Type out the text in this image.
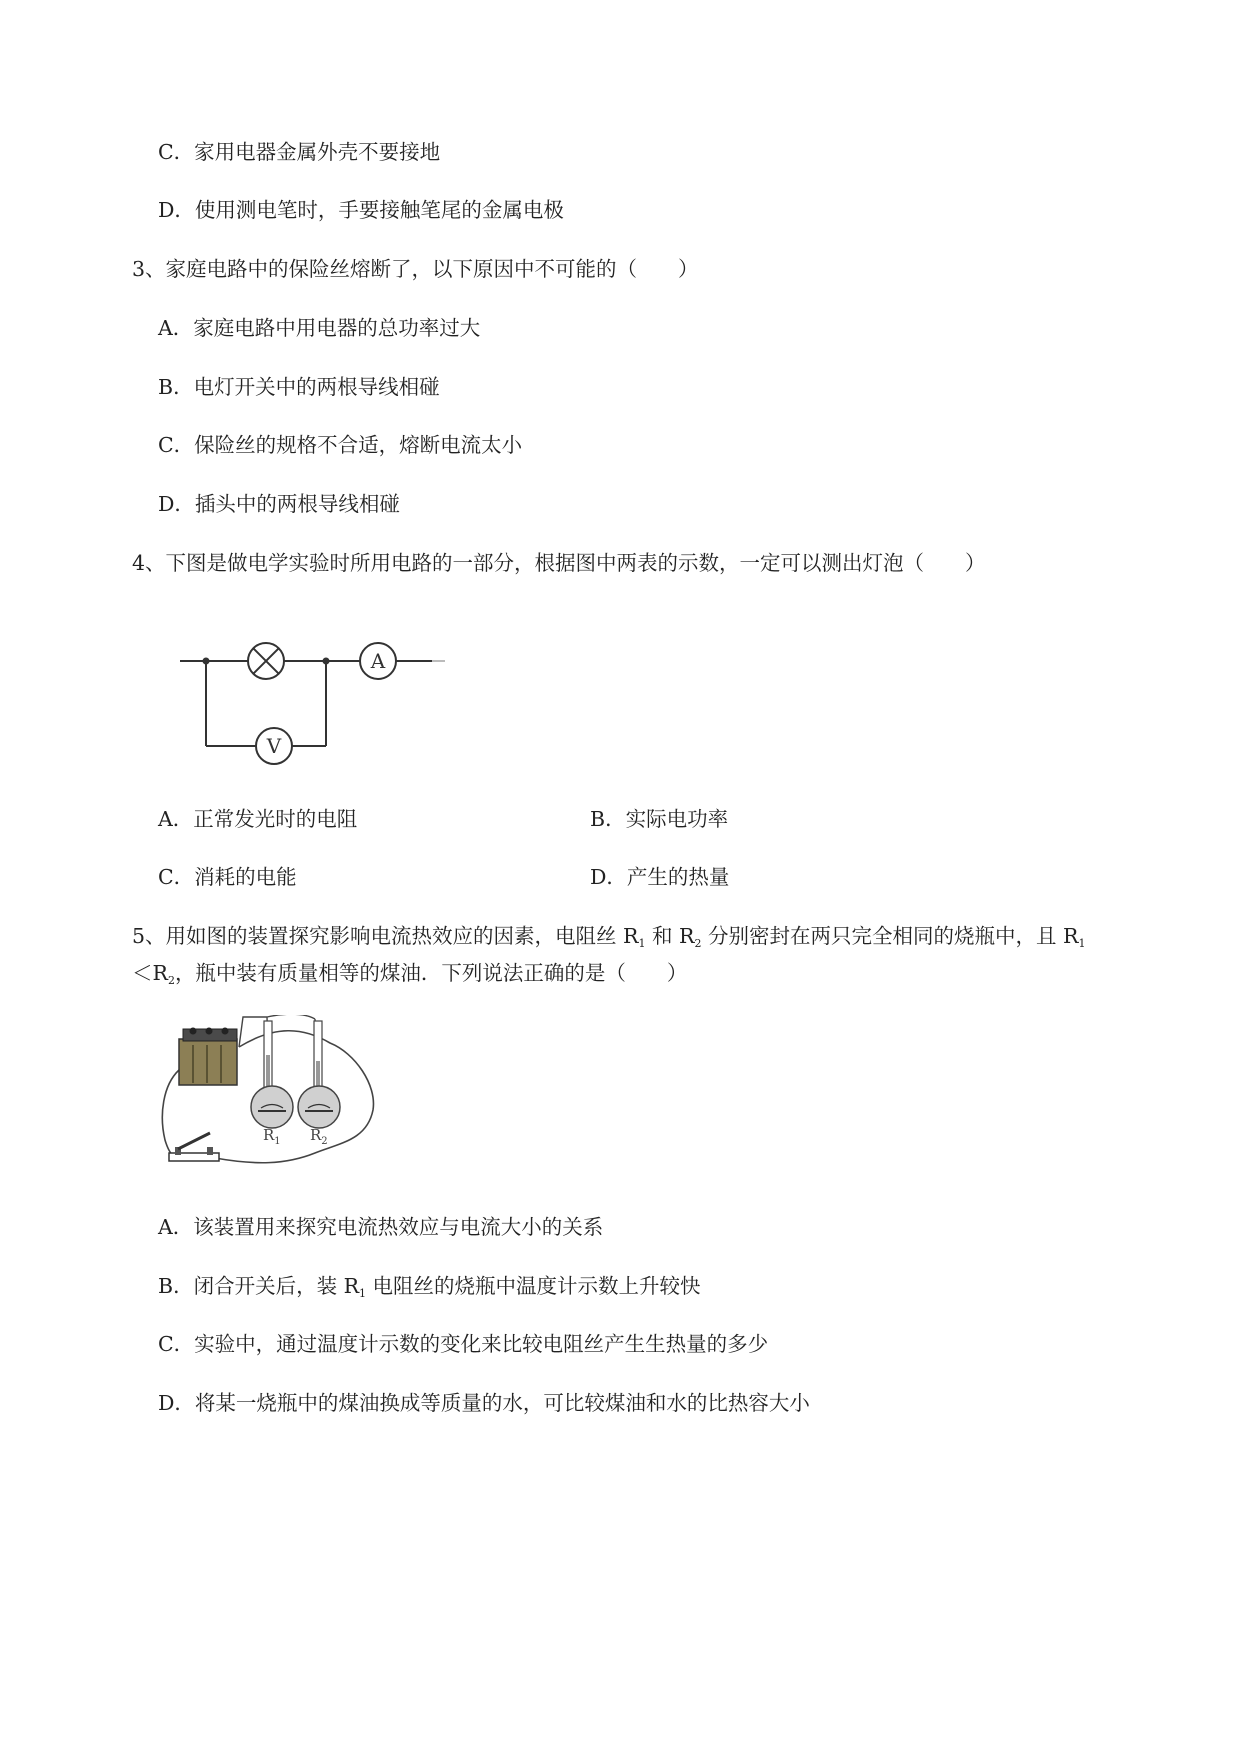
C．家用电器金属外壳不要接地
D．使用测电笔时，手要接触笔尾的金属电极
3、家庭电路中的保险丝熔断了，以下原因中不可能的（　　）
A．家庭电路中用电器的总功率过大
B．电灯开关中的两根导线相碰
C．保险丝的规格不合适，熔断电流太小
D．插头中的两根导线相碰
4、下图是做电学实验时所用电路的一部分，根据图中两表的示数，一定可以测出灯泡（　　）
A
V
A．正常发光时的电阻	B．实际电功率
C．消耗的电能	D．产生的热量
5、用如图的装置探究影响电流热效应的因素，电阻丝 $R_1$ 和 $R_2$ 分别密封在两只完全相同的烧瓶中，且 $R_1$
$<R_2$，瓶中装有质量相等的煤油．下列说法正确的是（　　）
$R_1$ $R_2$
A．该装置用来探究电流热效应与电流大小的关系
B．闭合开关后，装 $R_1$ 电阻丝的烧瓶中温度计示数上升较快
C．实验中，通过温度计示数的变化来比较电阻丝产生生热量的多少
D．将某一烧瓶中的煤油换成等质量的水，可比较煤油和水的比热容大小
